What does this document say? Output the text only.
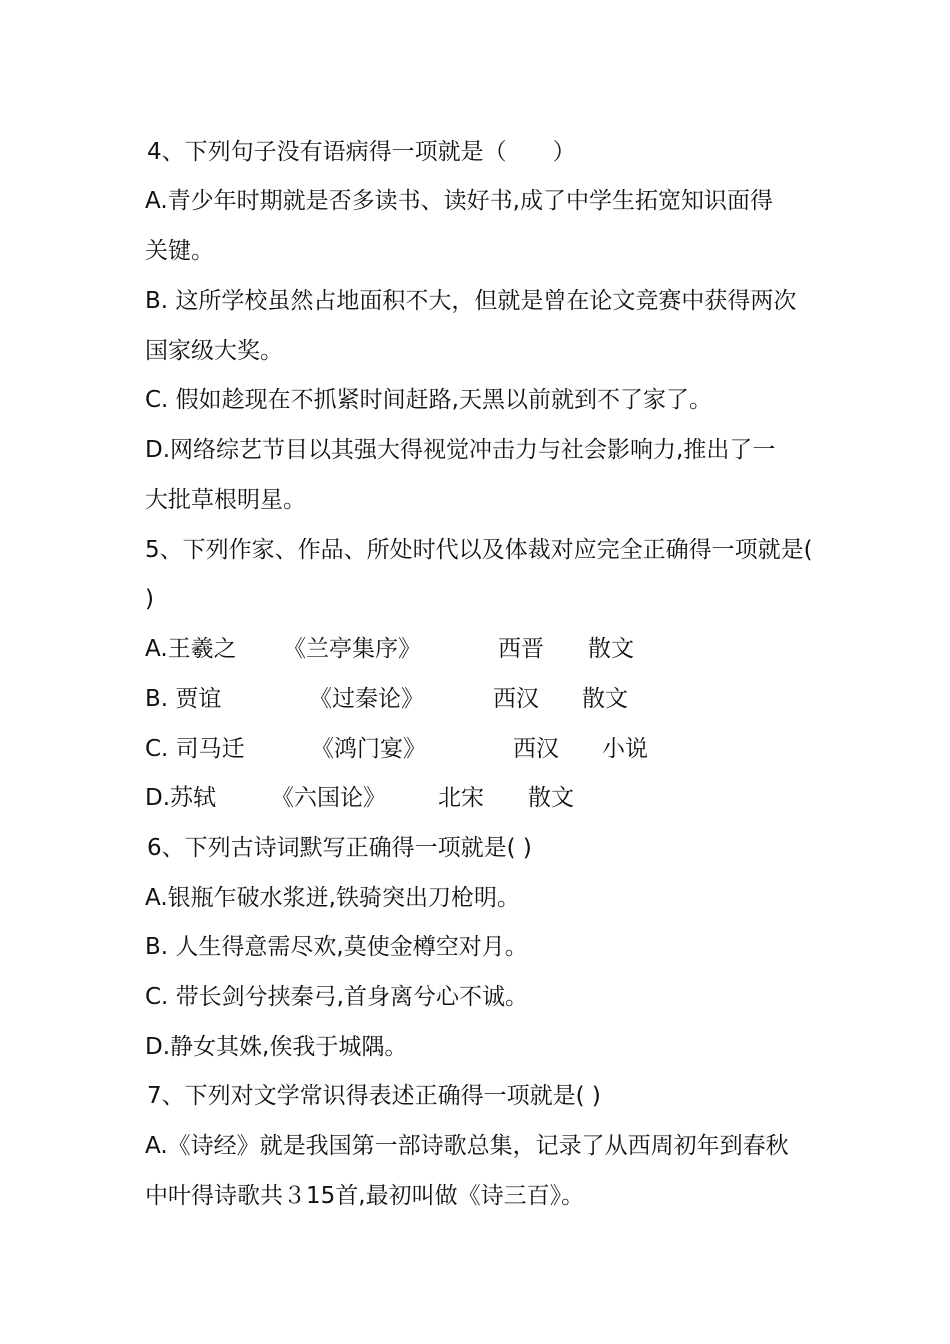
4、下列句子没有语病得一项就是（　　）
A.青少年时期就是否多读书、读好书,成了中学生拓宽知识面得
关键。
B. 这所学校虽然占地面积不大，但就是曾在论文竞赛中获得两次
国家级大奖。
C. 假如趁现在不抓紧时间赶路,天黑以前就到不了家了。
D.网络综艺节目以其强大得视觉冲击力与社会影响力,推出了一
大批草根明星。
5、下列作家、作品、所处时代以及体裁对应完全正确得一项就是(
)
A.王羲之 《兰亭集序》	西晋 散文
B. 贾谊	《过秦论》	西汉 散文
C. 司马迁	《鸿门宴》	西汉 小说
D.苏轼 《六国论》 北宋 散文
6、下列古诗词默写正确得一项就是( )
A.银瓶乍破水浆迸,铁骑突出刀枪明。
B. 人生得意需尽欢,莫使金樽空对月。
C. 带长剑兮挟秦弓,首身离兮心不诚。
D.静女其姝,俟我于城隅。
7、下列对文学常识得表述正确得一项就是( )
A.《诗经》就是我国第一部诗歌总集，记录了从西周初年到春秋
中叶得诗歌共３15首,最初叫做《诗三百》。
